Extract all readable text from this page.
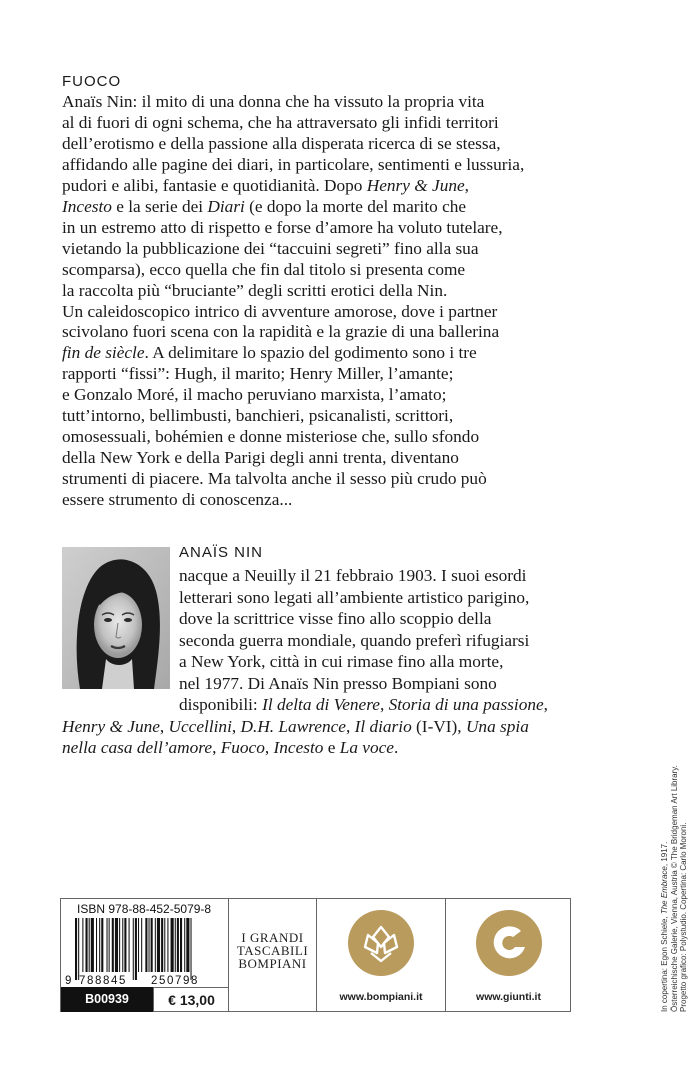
FUOCO

Anaïs Nin: il mito di una donna che ha vissuto la propria vita
al di fuori di ogni schema, che ha attraversato gli infidi territori
dell’erotismo e della passione alla disperata ricerca di se stessa,
affidando alle pagine dei diari, in particolare, sentimenti e lussuria,
pudori e alibi, fantasie e quotidianità. Dopo Henry & June,
Incesto e la serie dei Diari (e dopo la morte del marito che
in un estremo atto di rispetto e forse d’amore ha voluto tutelare,
vietando la pubblicazione dei “taccuini segreti” fino alla sua
scomparsa), ecco quella che fin dal titolo si presenta come
la raccolta più “bruciante” degli scritti erotici della Nin.
Un caleidoscopico intrico di avventure amorose, dove i partner
scivolano fuori scena con la rapidità e la grazie di una ballerina
fin de siècle. A delimitare lo spazio del godimento sono i tre
rapporti “fissi”: Hugh, il marito; Henry Miller, l’amante;
e Gonzalo Moré, il macho peruviano marxista, l’amato;
tutt’intorno, bellimbusti, banchieri, psicanalisti, scrittori,
omosessuali, bohémien e donne misteriose che, sullo sfondo
della New York e della Parigi degli anni trenta, diventano
strumenti di piacere. Ma talvolta anche il sesso più crudo può
essere strumento di conoscenza...

ANAÏS NIN

nacque a Neuilly il 21 febbraio 1903. I suoi esordi
letterari sono legati all’ambiente artistico parigino,
dove la scrittrice visse fino allo scoppio della
seconda guerra mondiale, quando preferì rifugiarsi
a New York, città in cui rimase fino alla morte,
nel 1977. Di Anaïs Nin presso Bompiani sono
disponibili: Il delta di Venere, Storia di una passione,
Henry & June, Uccellini, D.H. Lawrence, Il diario (I-VI), Una spia
nella casa dell’amore, Fuoco, Incesto e La voce.

In copertina: Egon Schiele, The Embrace, 1917. Österreichische Galerie, Vienna, Austria © The Bridgeman Art Library. Progetto grafico: Polystudio. Copertina: Carlo Moroni.
ISBN 978-88-452-5079-8
9 788845 250798
B00939	€ 13,00
I GRANDI
TASCABILI
BOMPIANI
www.bompiani.it	www.giunti.it
